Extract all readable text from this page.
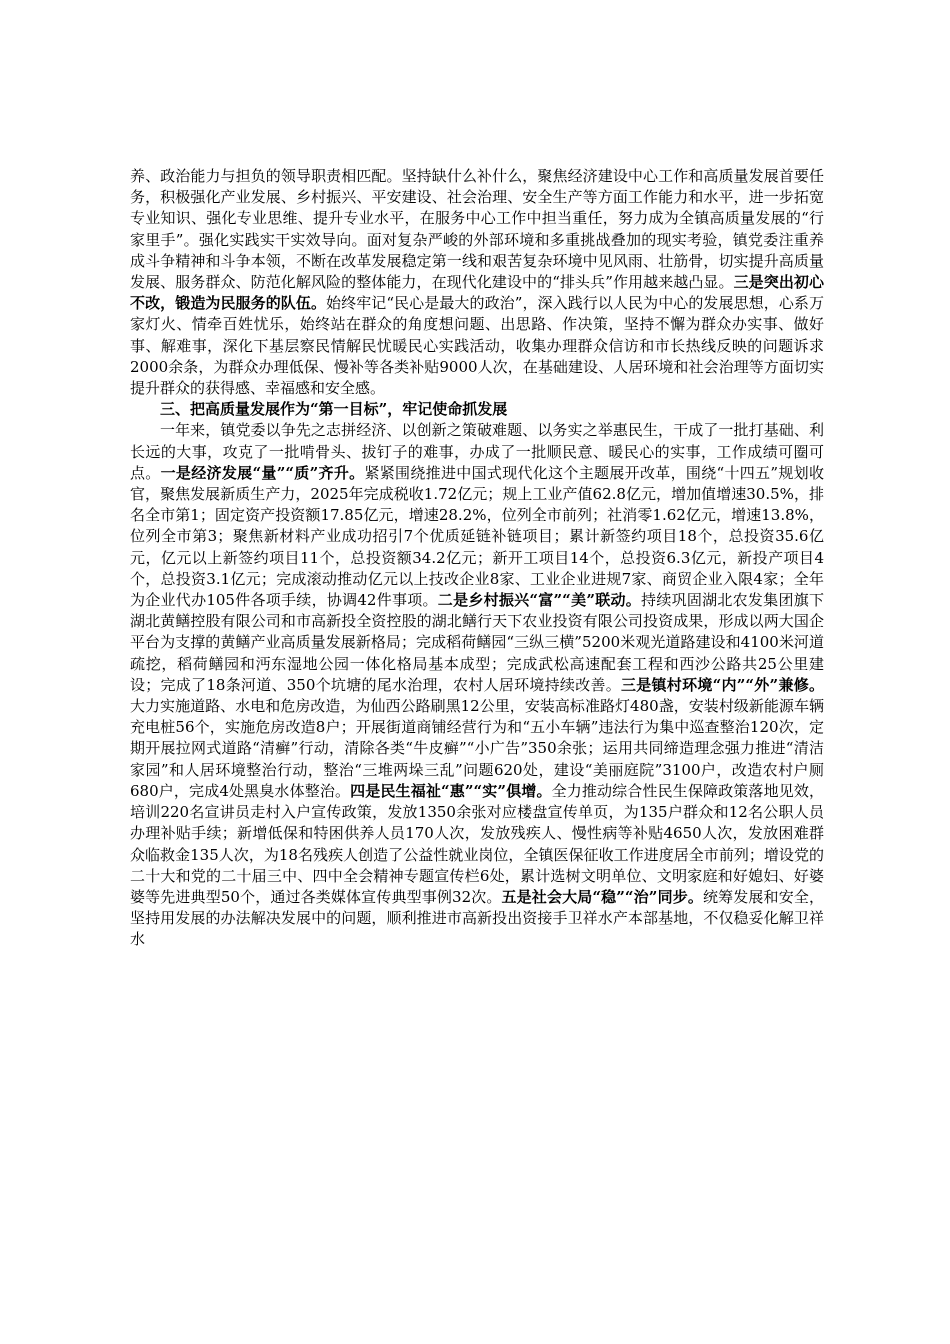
养、政治能力与担负的领导职责相匹配。坚持缺什么补什么，聚焦经济建设中心工作和高质量发展首要任务，积极强化产业发展、乡村振兴、平安建设、社会治理、安全生产等方面工作能力和水平，进一步拓宽专业知识、强化专业思维、提升专业水平，在服务中心工作中担当重任，努力成为全镇高质量发展的“行家里手”。强化实践实干实效导向。面对复杂严峻的外部环境和多重挑战叠加的现实考验，镇党委注重养成斗争精神和斗争本领，不断在改革发展稳定第一线和艰苦复杂环境中见风雨、壮筋骨，切实提升高质量发展、服务群众、防范化解风险的整体能力，在现代化建设中的“排头兵”作用越来越凸显。三是突出初心不改，锻造为民服务的队伍。始终牢记“民心是最大的政治”，深入践行以人民为中心的发展思想，心系万家灯火、情牵百姓忧乐，始终站在群众的角度想问题、出思路、作决策，坚持不懈为群众办实事、做好事、解难事，深化下基层察民情解民忧暖民心实践活动，收集办理群众信访和市长热线反映的问题诉求2000余条，为群众办理低保、慢补等各类补贴9000人次，在基础建设、人居环境和社会治理等方面切实提升群众的获得感、幸福感和安全感。

三、把高质量发展作为“第一目标”，牢记使命抓发展

一年来，镇党委以争先之志拼经济、以创新之策破难题、以务实之举惠民生，干成了一批打基础、利长远的大事，攻克了一批啃骨头、拔钉子的难事，办成了一批顺民意、暖民心的实事，工作成绩可圈可点。一是经济发展“量”“质”齐升。紧紧围绕推进中国式现代化这个主题展开改革，围绕“十四五”规划收官，聚焦发展新质生产力，2025年完成税收1.72亿元；规上工业产值62.8亿元，增加值增速30.5%，排名全市第1；固定资产投资额17.85亿元，增速28.2%，位列全市前列；社消零1.62亿元，增速13.8%，位列全市第3；聚焦新材料产业成功招引7个优质延链补链项目；累计新签约项目18个，总投资35.6亿元，亿元以上新签约项目11个，总投资额34.2亿元；新开工项目14个，总投资6.3亿元，新投产项目4个，总投资3.1亿元；完成滚动推动亿元以上技改企业8家、工业企业进规7家、商贸企业入限4家；全年为企业代办105件各项手续，协调42件事项。二是乡村振兴“富”“美”联动。持续巩固湖北农发集团旗下湖北黄鳝控股有限公司和市高新投全资控股的湖北鳝行天下农业投资有限公司投资成果，形成以两大国企平台为支撑的黄鳝产业高质量发展新格局；完成稻荷鳝园“三纵三横”5200米观光道路建设和4100米河道疏挖，稻荷鳝园和沔东湿地公园一体化格局基本成型；完成武松高速配套工程和西沙公路共25公里建设；完成了18条河道、350个坑塘的尾水治理，农村人居环境持续改善。三是镇村环境“内”“外”兼修。大力实施道路、水电和危房改造，为仙西公路刷黑12公里，安装高标准路灯480盏，安装村级新能源车辆充电桩56个，实施危房改造8户；开展街道商铺经营行为和“五小车辆”违法行为集中巡查整治120次，定期开展拉网式道路“清癣”行动，清除各类“牛皮癣”“小广告”350余张；运用共同缔造理念强力推进“清洁家园”和人居环境整治行动，整治“三堆两垛三乱”问题620处，建设“美丽庭院”3100户，改造农村户厕680户，完成4处黑臭水体整治。四是民生福祉“惠”“实”俱增。全力推动综合性民生保障政策落地见效，培训220名宣讲员走村入户宣传政策，发放1350余张对应楼盘宣传单页，为135户群众和12名公职人员办理补贴手续；新增低保和特困供养人员170人次，发放残疾人、慢性病等补贴4650人次，发放困难群众临救金135人次，为18名残疾人创造了公益性就业岗位，全镇医保征收工作进度居全市前列；增设党的二十大和党的二十届三中、四中全会精神专题宣传栏6处，累计选树文明单位、文明家庭和好媳妇、好婆婆等先进典型50个，通过各类媒体宣传典型事例32次。五是社会大局“稳”“治”同步。统筹发展和安全，坚持用发展的办法解决发展中的问题，顺利推进市高新投出资接手卫祥水产本部基地，不仅稳妥化解卫祥水
